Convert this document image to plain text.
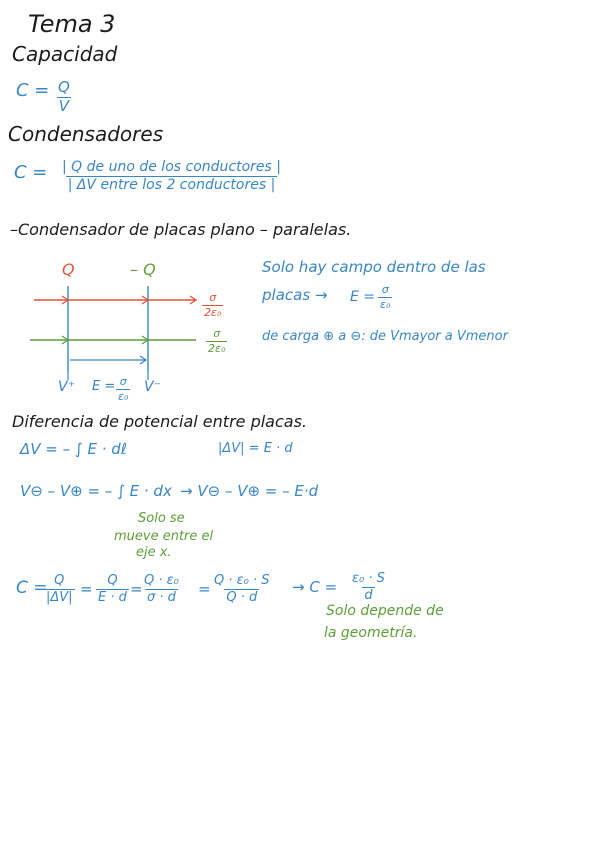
Tema 3
Capacidad
$C = \frac{Q}{V}$
Condensadores
C = | Q de uno de los conductores |
| ΔV entre los 2 conductores |
–Condensador de placas plano – paralelas.
Q	– Q
$\frac{\sigma}{\text{2ε₀}}$
$\frac{\sigma}{\text{2ε₀}}$
V⁺ $E = \frac{\sigma}{\text{ε₀}} V^-$
Solo hay campo dentro de las
placas → $E = \frac{\sigma}{\text{ε₀}}$
de carga ⊕ a ⊖: de Vmayor a Vmenor
Diferencia de potencial entre placas.
ΔV = – ∫ E · dℓ	|ΔV| = E · d
V⊖ – V⊕ = – ∫ E · dx → V⊖ – V⊕ = – E·d
Solo se
mueve entre el
eje x.
C =
$\frac{Q}{|\Delta V|} = \frac{Q}{E \cdot d} = \frac{\text{Q · ε₀}}{\sigma \cdot d} = \frac{\text{Q · ε₀ · S}}{Q \cdot d} \to C = \frac{\text{ε₀ · S}}{d}$
Solo depende de
la geometría.
